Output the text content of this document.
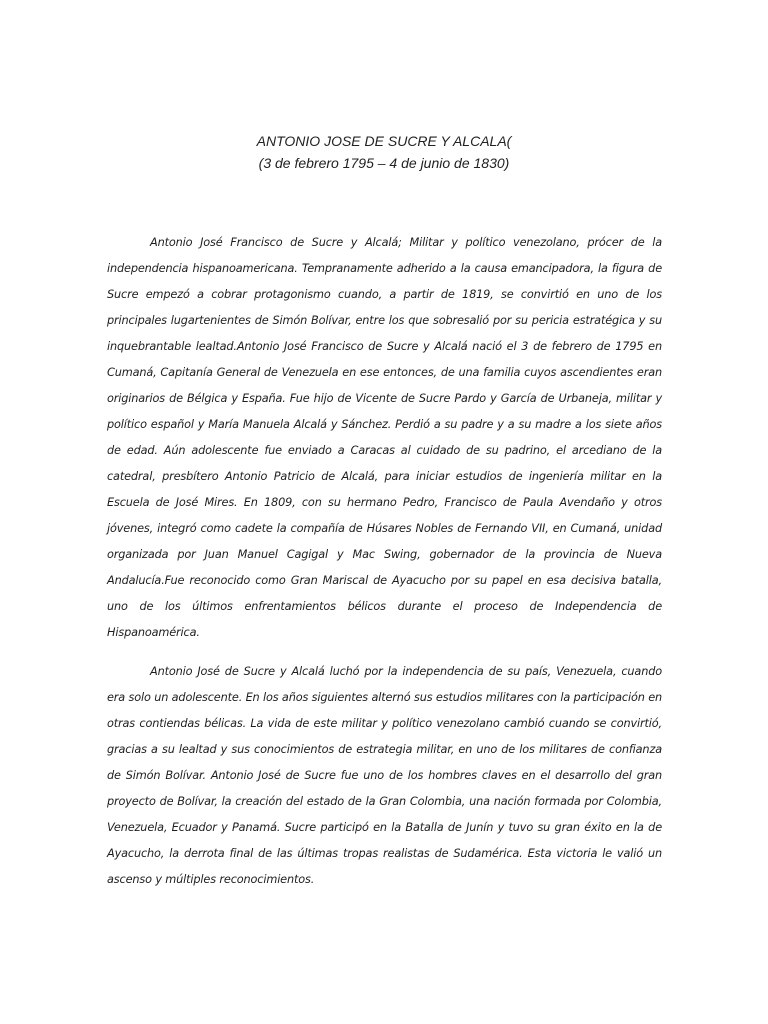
ANTONIO JOSE DE SUCRE Y ALCALA(
(3 de febrero 1795 – 4 de junio de 1830)

Antonio José Francisco de Sucre y Alcalá; Militar y político venezolano, prócer de la independencia hispanoamericana. Tempranamente adherido a la causa emancipadora, la figura de Sucre empezó a cobrar protagonismo cuando, a partir de 1819, se convirtió en uno de los principales lugartenientes de Simón Bolívar, entre los que sobresalió por su pericia estratégica y su inquebrantable lealtad.Antonio José Francisco de Sucre y Alcalá nació el 3 de febrero de 1795 en Cumaná, Capitanía General de Venezuela en ese entonces, de una familia cuyos ascendientes eran originarios de Bélgica y España. Fue hijo de Vicente de Sucre Pardo y García de Urbaneja, militar y político español y María Manuela Alcalá y Sánchez. Perdió a su padre y a su madre a los siete años de edad. Aún adolescente fue enviado a Caracas al cuidado de su padrino, el arcediano de la catedral, presbítero Antonio Patricio de Alcalá, para iniciar estudios de ingeniería militar en la Escuela de José Mires. En 1809, con su hermano Pedro, Francisco de Paula Avendaño y otros jóvenes, integró como cadete la compañía de Húsares Nobles de Fernando VII, en Cumaná, unidad organizada por Juan Manuel Cagigal y Mac Swing, gobernador de la provincia de Nueva Andalucía.Fue reconocido como Gran Mariscal de Ayacucho por su papel en esa decisiva batalla, uno de los últimos enfrentamientos bélicos durante el proceso de Independencia de Hispanoamérica.

Antonio José de Sucre y Alcalá luchó por la independencia de su país, Venezuela, cuando era solo un adolescente. En los años siguientes alternó sus estudios militares con la participación en otras contiendas bélicas. La vida de este militar y político venezolano cambió cuando se convirtió, gracias a su lealtad y sus conocimientos de estrategia militar, en uno de los militares de confianza de Simón Bolívar. Antonio José de Sucre fue uno de los hombres claves en el desarrollo del gran proyecto de Bolívar, la creación del estado de la Gran Colombia, una nación formada por Colombia, Venezuela, Ecuador y Panamá. Sucre participó en la Batalla de Junín y tuvo su gran éxito en la de Ayacucho, la derrota final de las últimas tropas realistas de Sudamérica. Esta victoria le valió un ascenso y múltiples reconocimientos.
